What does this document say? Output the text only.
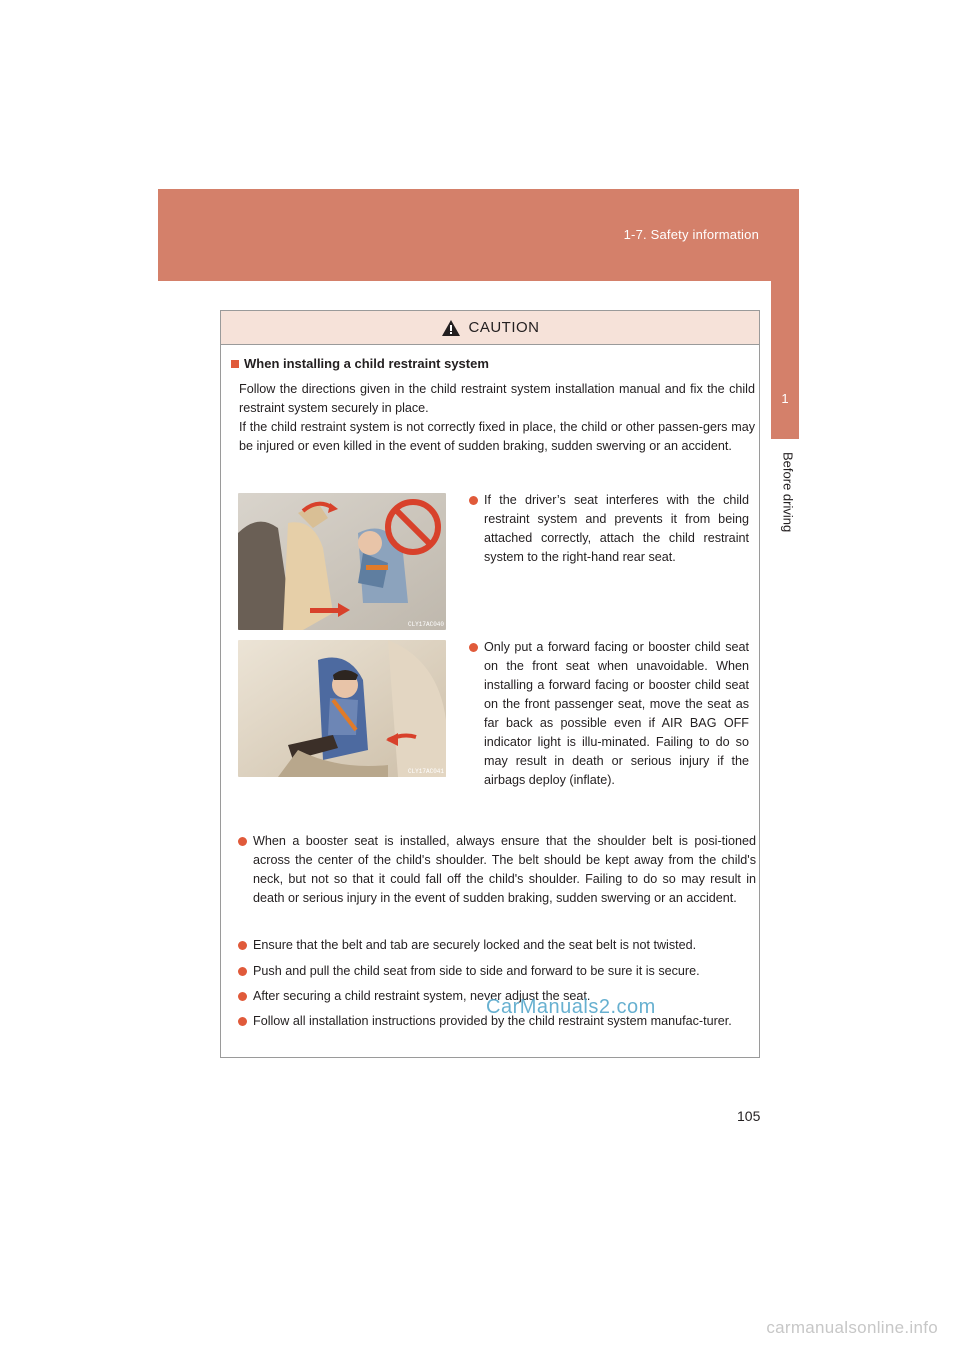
1-7. Safety information
1
Before driving
CAUTION
When installing a child restraint system
Follow the directions given in the child restraint system installation manual and fix the child restraint system securely in place.
If the child restraint system is not correctly fixed in place, the child or other passen-gers may be injured or even killed in the event of sudden braking, sudden swerving or an accident.
CLY17AC040
If the driver’s seat interferes with the child restraint system and prevents it from being attached correctly, attach the child restraint system to the right-hand rear seat.
CLY17AC041
Only put a forward facing or booster child seat on the front seat when unavoidable. When installing a forward facing or booster child seat on the front passenger seat, move the seat as far back as possible even if AIR BAG OFF indicator light is illu-minated. Failing to do so may result in death or serious injury if the airbags deploy (inflate).
When a booster seat is installed, always ensure that the shoulder belt is posi-tioned across the center of the child's shoulder. The belt should be kept away from the child's neck, but not so that it could fall off the child's shoulder. Failing to do so may result in death or serious injury in the event of sudden braking, sudden swerving or an accident.
Ensure that the belt and tab are securely locked and the seat belt is not twisted.
Push and pull the child seat from side to side and forward to be sure it is secure.
After securing a child restraint system, never adjust the seat.
Follow all installation instructions provided by the child restraint system manufac-turer.
CarManuals2.com
105
carmanualsonline.info
